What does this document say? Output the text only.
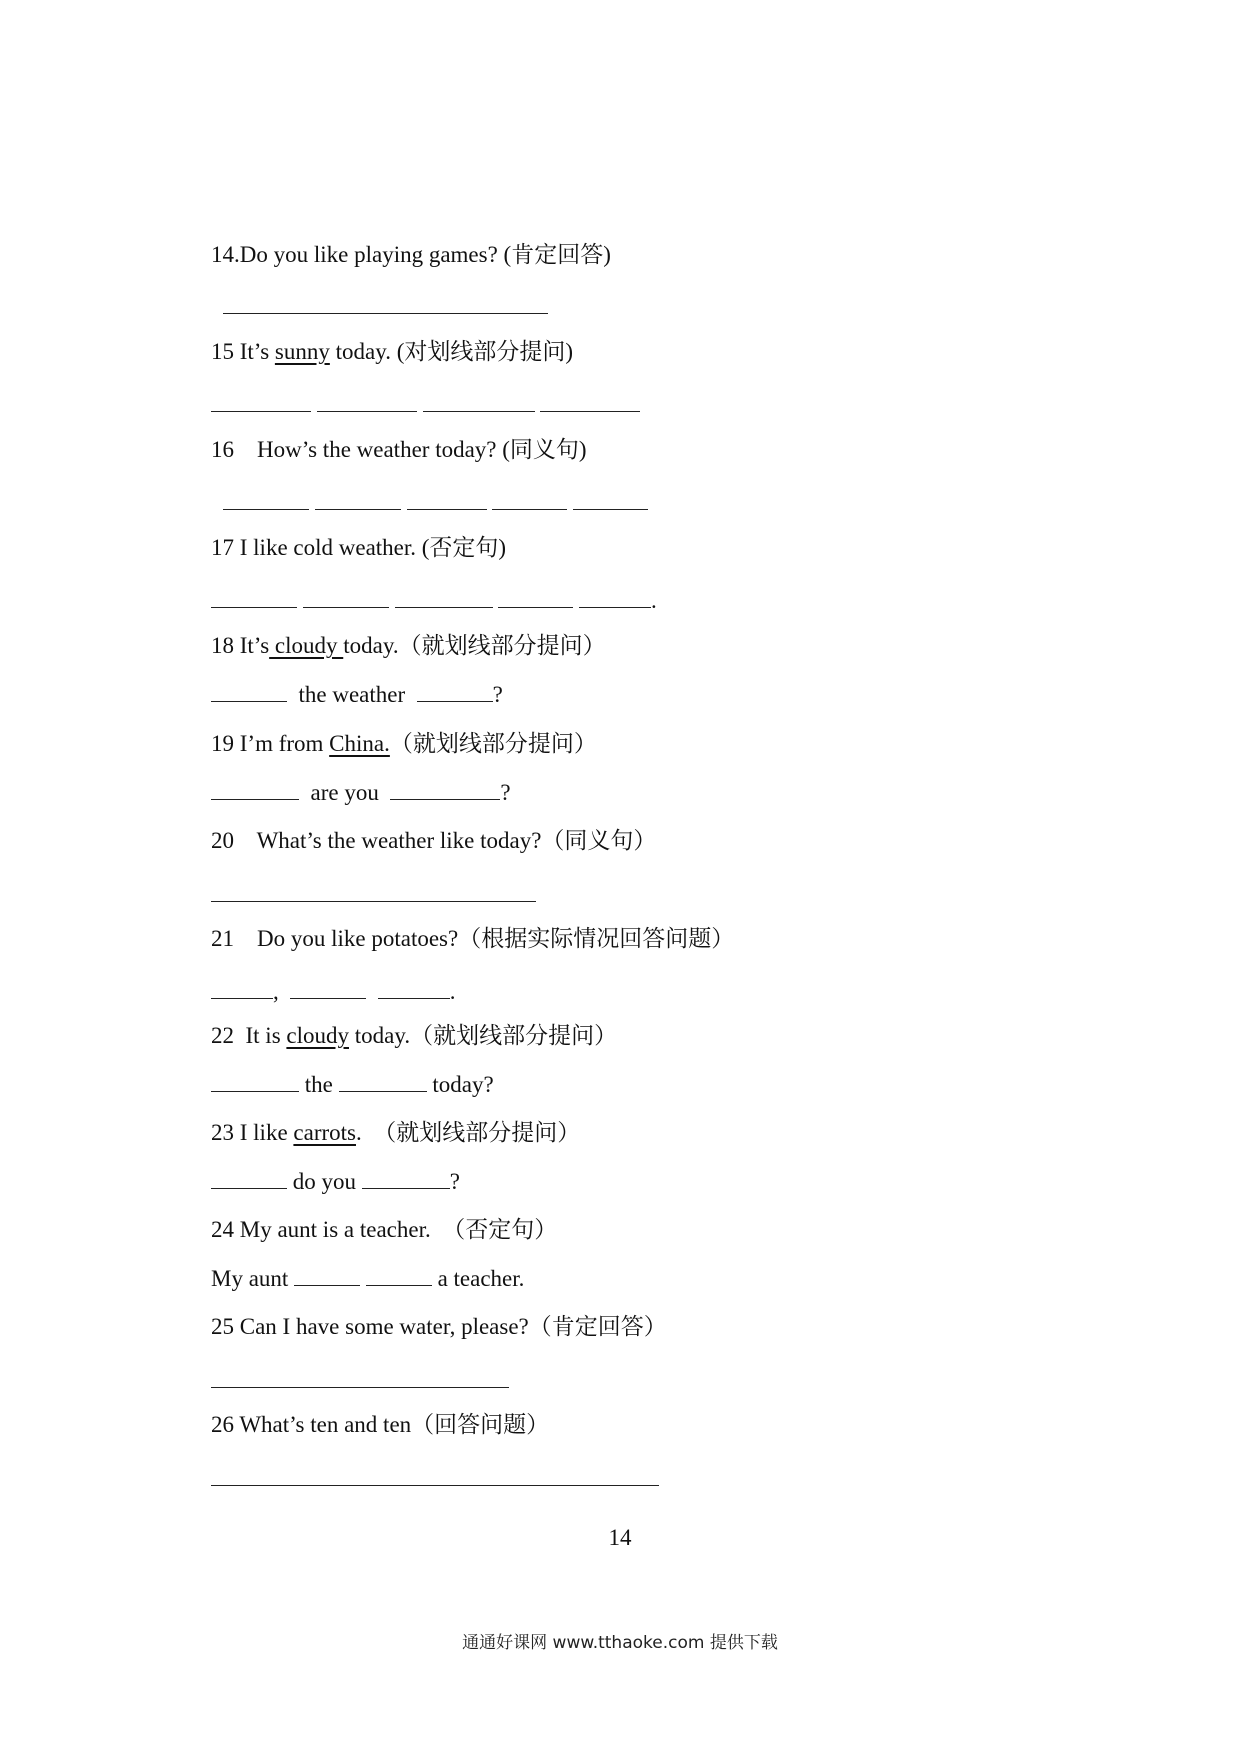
14.Do you like playing games? (肯定回答)

15 It’s sunny today. (对划线部分提问)

16    How’s the weather today? (同义句)

17 I like cold weather. (否定句)

.

18 It’s cloudy today.（就划线部分提问）

the weather	?

19 I’m from China.（就划线部分提问）

are you	?

20    What’s the weather like today?（同义句）

21    Do you like potatoes?（根据实际情况回答问题）

,	.

22  It is cloudy today.（就划线部分提问）

the	today?

23 I like carrots.  （就划线部分提问）

do you	?

24 My aunt is a teacher.  （否定句）

My aunt	a teacher.

25 Can I have some water, please?（肯定回答）

26 What’s ten and ten（回答问题）

14
通通好课网 www.tthaoke.com 提供下载
